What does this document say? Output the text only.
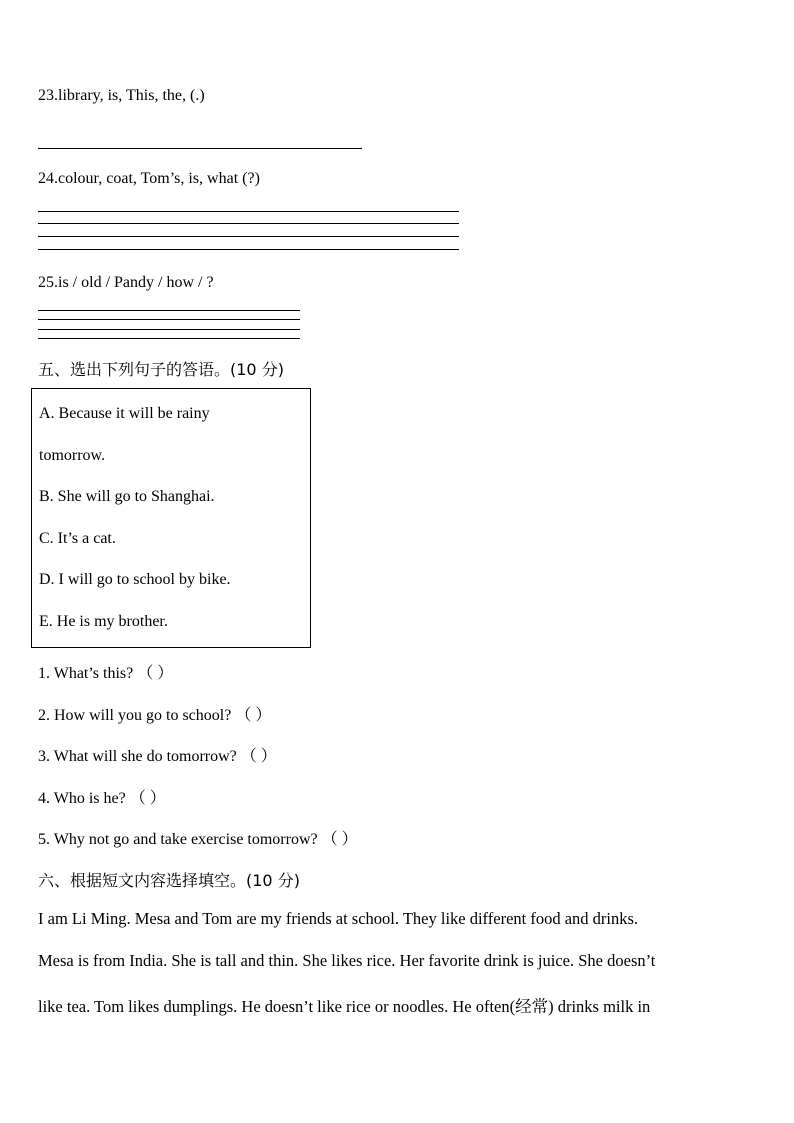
23.library, is, This, the, (.)
24.colour, coat, Tom’s, is, what (?)
25.is / old / Pandy / how / ?
五、选出下列句子的答语。(10 分)
A. Because it will be rainy
tomorrow.
B. She will go to Shanghai.
C. It’s a cat.
D. I will go to school by bike.
E. He is my brother.
1. What’s this? （ ）
2. How will you go to school? （ ）
3. What will she do tomorrow? （ ）
4. Who is he? （ ）
5. Why not go and take exercise tomorrow? （ ）
六、根据短文内容选择填空。(10 分)
I am Li Ming. Mesa and Tom are my friends at school. They like different food and drinks.
Mesa is from India. She is tall and thin. She likes rice. Her favorite drink is juice. She doesn’t
like tea. Tom likes dumplings. He doesn’t like rice or noodles. He often(经常) drinks milk in
